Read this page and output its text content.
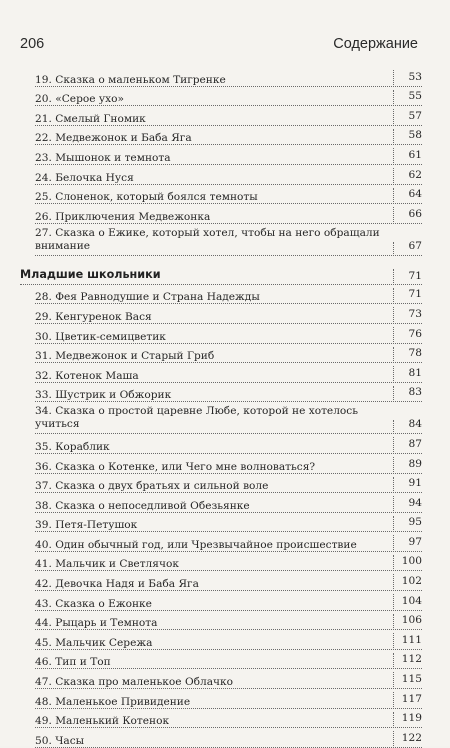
206	Содержание
19. Сказка о маленьком Тигренке	53
20. «Серое ухо»	55
21. Смелый Гномик	57
22. Медвежонок и Баба Яга	58
23. Мышонок и темнота	61
24. Белочка Нуся	62
25. Слоненок, который боялся темноты	64
26. Приключения Медвежонка	66
27. Сказка о Ежике, который хотел, чтобы на него обращали внимание	67
Младшие школьники	71
28. Фея Равнодушие и Страна Надежды	71
29. Кенгуренок Вася	73
30. Цветик-семицветик	76
31. Медвежонок и Старый Гриб	78
32. Котенок Маша	81
33. Шустрик и Обжорик	83
34. Сказка о простой царевне Любе, которой не хотелось учиться	84
35. Кораблик	87
36. Сказка о Котенке, или Чего мне волноваться?	89
37. Сказка о двух братьях и сильной воле	91
38. Сказка о непоседливой Обезьянке	94
39. Петя-Петушок	95
40. Один обычный год, или Чрезвычайное происшествие	97
41. Мальчик и Светлячок	100
42. Девочка Надя и Баба Яга	102
43. Сказка о Ежонке	104
44. Рыцарь и Темнота	106
45. Мальчик Сережа	111
46. Тип и Топ	112
47. Сказка про маленькое Облачко	115
48. Маленькое Привидение	117
49. Маленький Котенок	119
50. Часы	122
